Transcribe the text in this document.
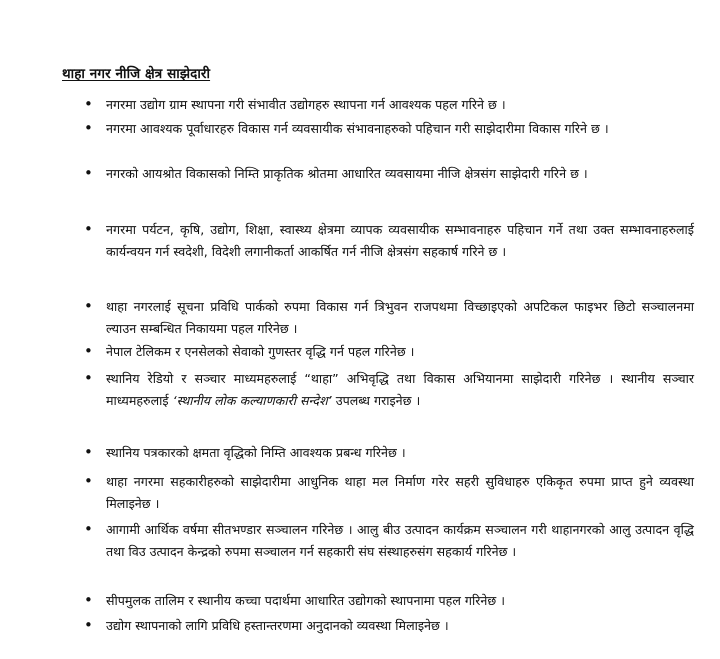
थाहा नगर नीजि क्षेत्र साझेदारी
• नगरमा उद्योग ग्राम स्थापना गरी संभावीत उद्योगहरु स्थापना गर्न आवश्यक पहल गरिने छ ।
• नगरमा आवश्यक पूर्वाधारहरु विकास गर्न व्यवसायीक संभावनाहरुको पहिचान गरी साझेदारीमा विकास गरिने छ ।
• नगरको आयश्रोत विकासको निम्ति प्राकृतिक श्रोतमा आधारित व्यवसायमा नीजि क्षेत्रसंग साझेदारी गरिने छ ।
• नगरमा पर्यटन, कृषि, उद्योग, शिक्षा, स्वास्थ्य क्षेत्रमा व्यापक व्यवसायीक सम्भावनाहरु पहिचान गर्ने तथा उक्त सम्भावनाहरुलाई कार्यन्वयन गर्न स्वदेशी, विदेशी लगानीकर्ता आकर्षित गर्न नीजि क्षेत्रसंग सहकार्ष गरिने छ ।
• थाहा नगरलाई सूचना प्रविधि पार्कको रुपमा विकास गर्न त्रिभुवन राजपथमा विच्छाइएको अपटिकल फाइभर छिटो सञ्चालनमा ल्याउन सम्बन्धित निकायमा पहल गरिनेछ ।
• नेपाल टेलिकम र एनसेलको सेवाको गुणस्तर वृद्धि गर्न पहल गरिनेछ ।
• स्थानिय रेडियो र सञ्चार माध्यमहरुलाई “थाहा” अभिवृद्धि तथा विकास अभियानमा साझेदारी गरिनेछ । स्थानीय सञ्चार माध्यमहरुलाई ‘स्थानीय लोक कल्याणकारी सन्देश’ उपलब्ध गराइनेछ ।
• स्थानिय पत्रकारको क्षमता वृद्धिको निम्ति आवश्यक प्रबन्ध गरिनेछ ।
• थाहा नगरमा सहकारीहरुको साझेदारीमा आधुनिक थाहा मल निर्माण गरेर सहरी सुविधाहरु एकिकृत रुपमा प्राप्त हुने व्यवस्था मिलाइनेछ ।
• आगामी आर्थिक वर्षमा सीतभण्डार सञ्चालन गरिनेछ । आलु बीउ उत्पादन कार्यक्रम सञ्चालन गरी थाहानगरको आलु उत्पादन वृद्धि तथा विउ उत्पादन केन्द्रको रुपमा सञ्चालन गर्न सहकारी संघ संस्थाहरुसंग सहकार्य गरिनेछ ।
• सीपमुलक तालिम र स्थानीय कच्चा पदार्थमा आधारित उद्योगको स्थापनामा पहल गरिनेछ ।
• उद्योग स्थापनाको लागि प्रविधि हस्तान्तरणमा अनुदानको व्यवस्था मिलाइनेछ ।
